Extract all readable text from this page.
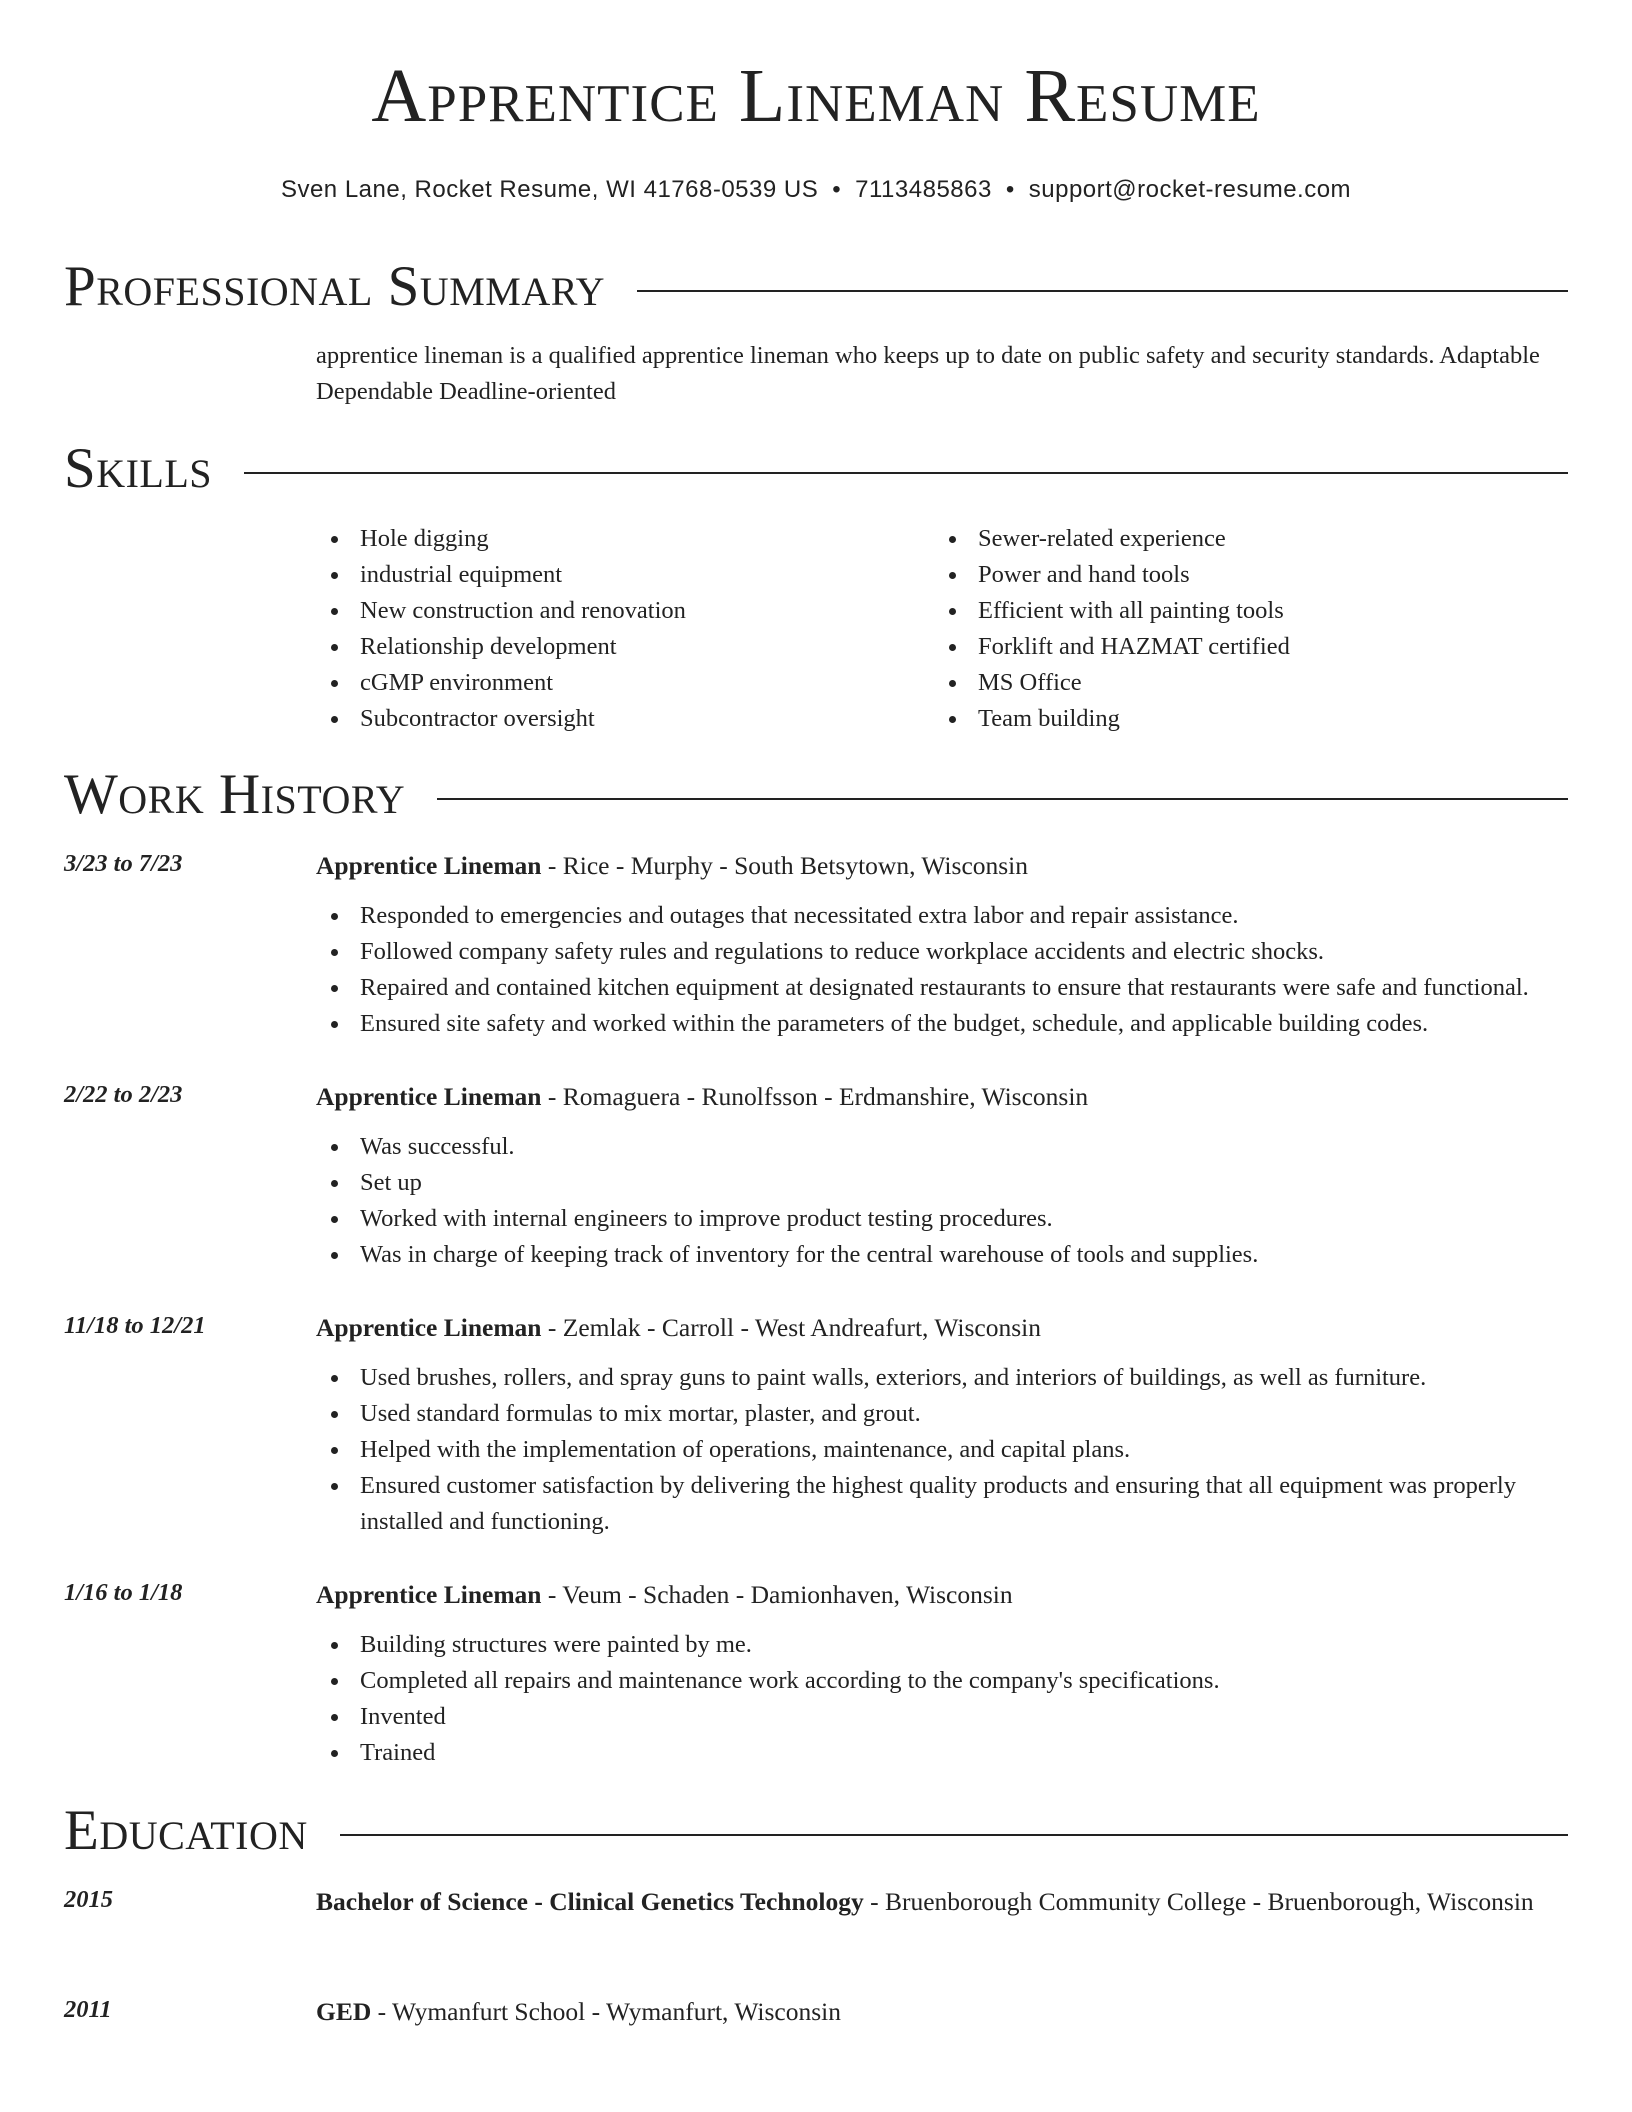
Apprentice Lineman Resume
Sven Lane, Rocket Resume, WI 41768-0539 US • 7113485863 • support@rocket-resume.com
Professional Summary

apprentice lineman is a qualified apprentice lineman who keeps up to date on public safety and security standards. Adaptable Dependable Deadline-oriented

Skills
Hole digging
industrial equipment
New construction and renovation
Relationship development
cGMP environment
Subcontractor oversight
Sewer-related experience
Power and hand tools
Efficient with all painting tools
Forklift and HAZMAT certified
MS Office
Team building
Work History
3/23 to 7/23	Apprentice Lineman - Rice - Murphy - South Betsytown, Wisconsin
Responded to emergencies and outages that necessitated extra labor and repair assistance.
Followed company safety rules and regulations to reduce workplace accidents and electric shocks.
Repaired and contained kitchen equipment at designated restaurants to ensure that restaurants were safe and functional.
Ensured site safety and worked within the parameters of the budget, schedule, and applicable building codes.
2/22 to 2/23	Apprentice Lineman - Romaguera - Runolfsson - Erdmanshire, Wisconsin
Was successful.
Set up
Worked with internal engineers to improve product testing procedures.
Was in charge of keeping track of inventory for the central warehouse of tools and supplies.
11/18 to 12/21	Apprentice Lineman - Zemlak - Carroll - West Andreafurt, Wisconsin
Used brushes, rollers, and spray guns to paint walls, exteriors, and interiors of buildings, as well as furniture.
Used standard formulas to mix mortar, plaster, and grout.
Helped with the implementation of operations, maintenance, and capital plans.
Ensured customer satisfaction by delivering the highest quality products and ensuring that all equipment was properly installed and functioning.
1/16 to 1/18	Apprentice Lineman - Veum - Schaden - Damionhaven, Wisconsin
Building structures were painted by me.
Completed all repairs and maintenance work according to the company's specifications.
Invented
Trained
Education
2015	Bachelor of Science - Clinical Genetics Technology - Bruenborough Community College - Bruenborough, Wisconsin
2011	GED - Wymanfurt School - Wymanfurt, Wisconsin
